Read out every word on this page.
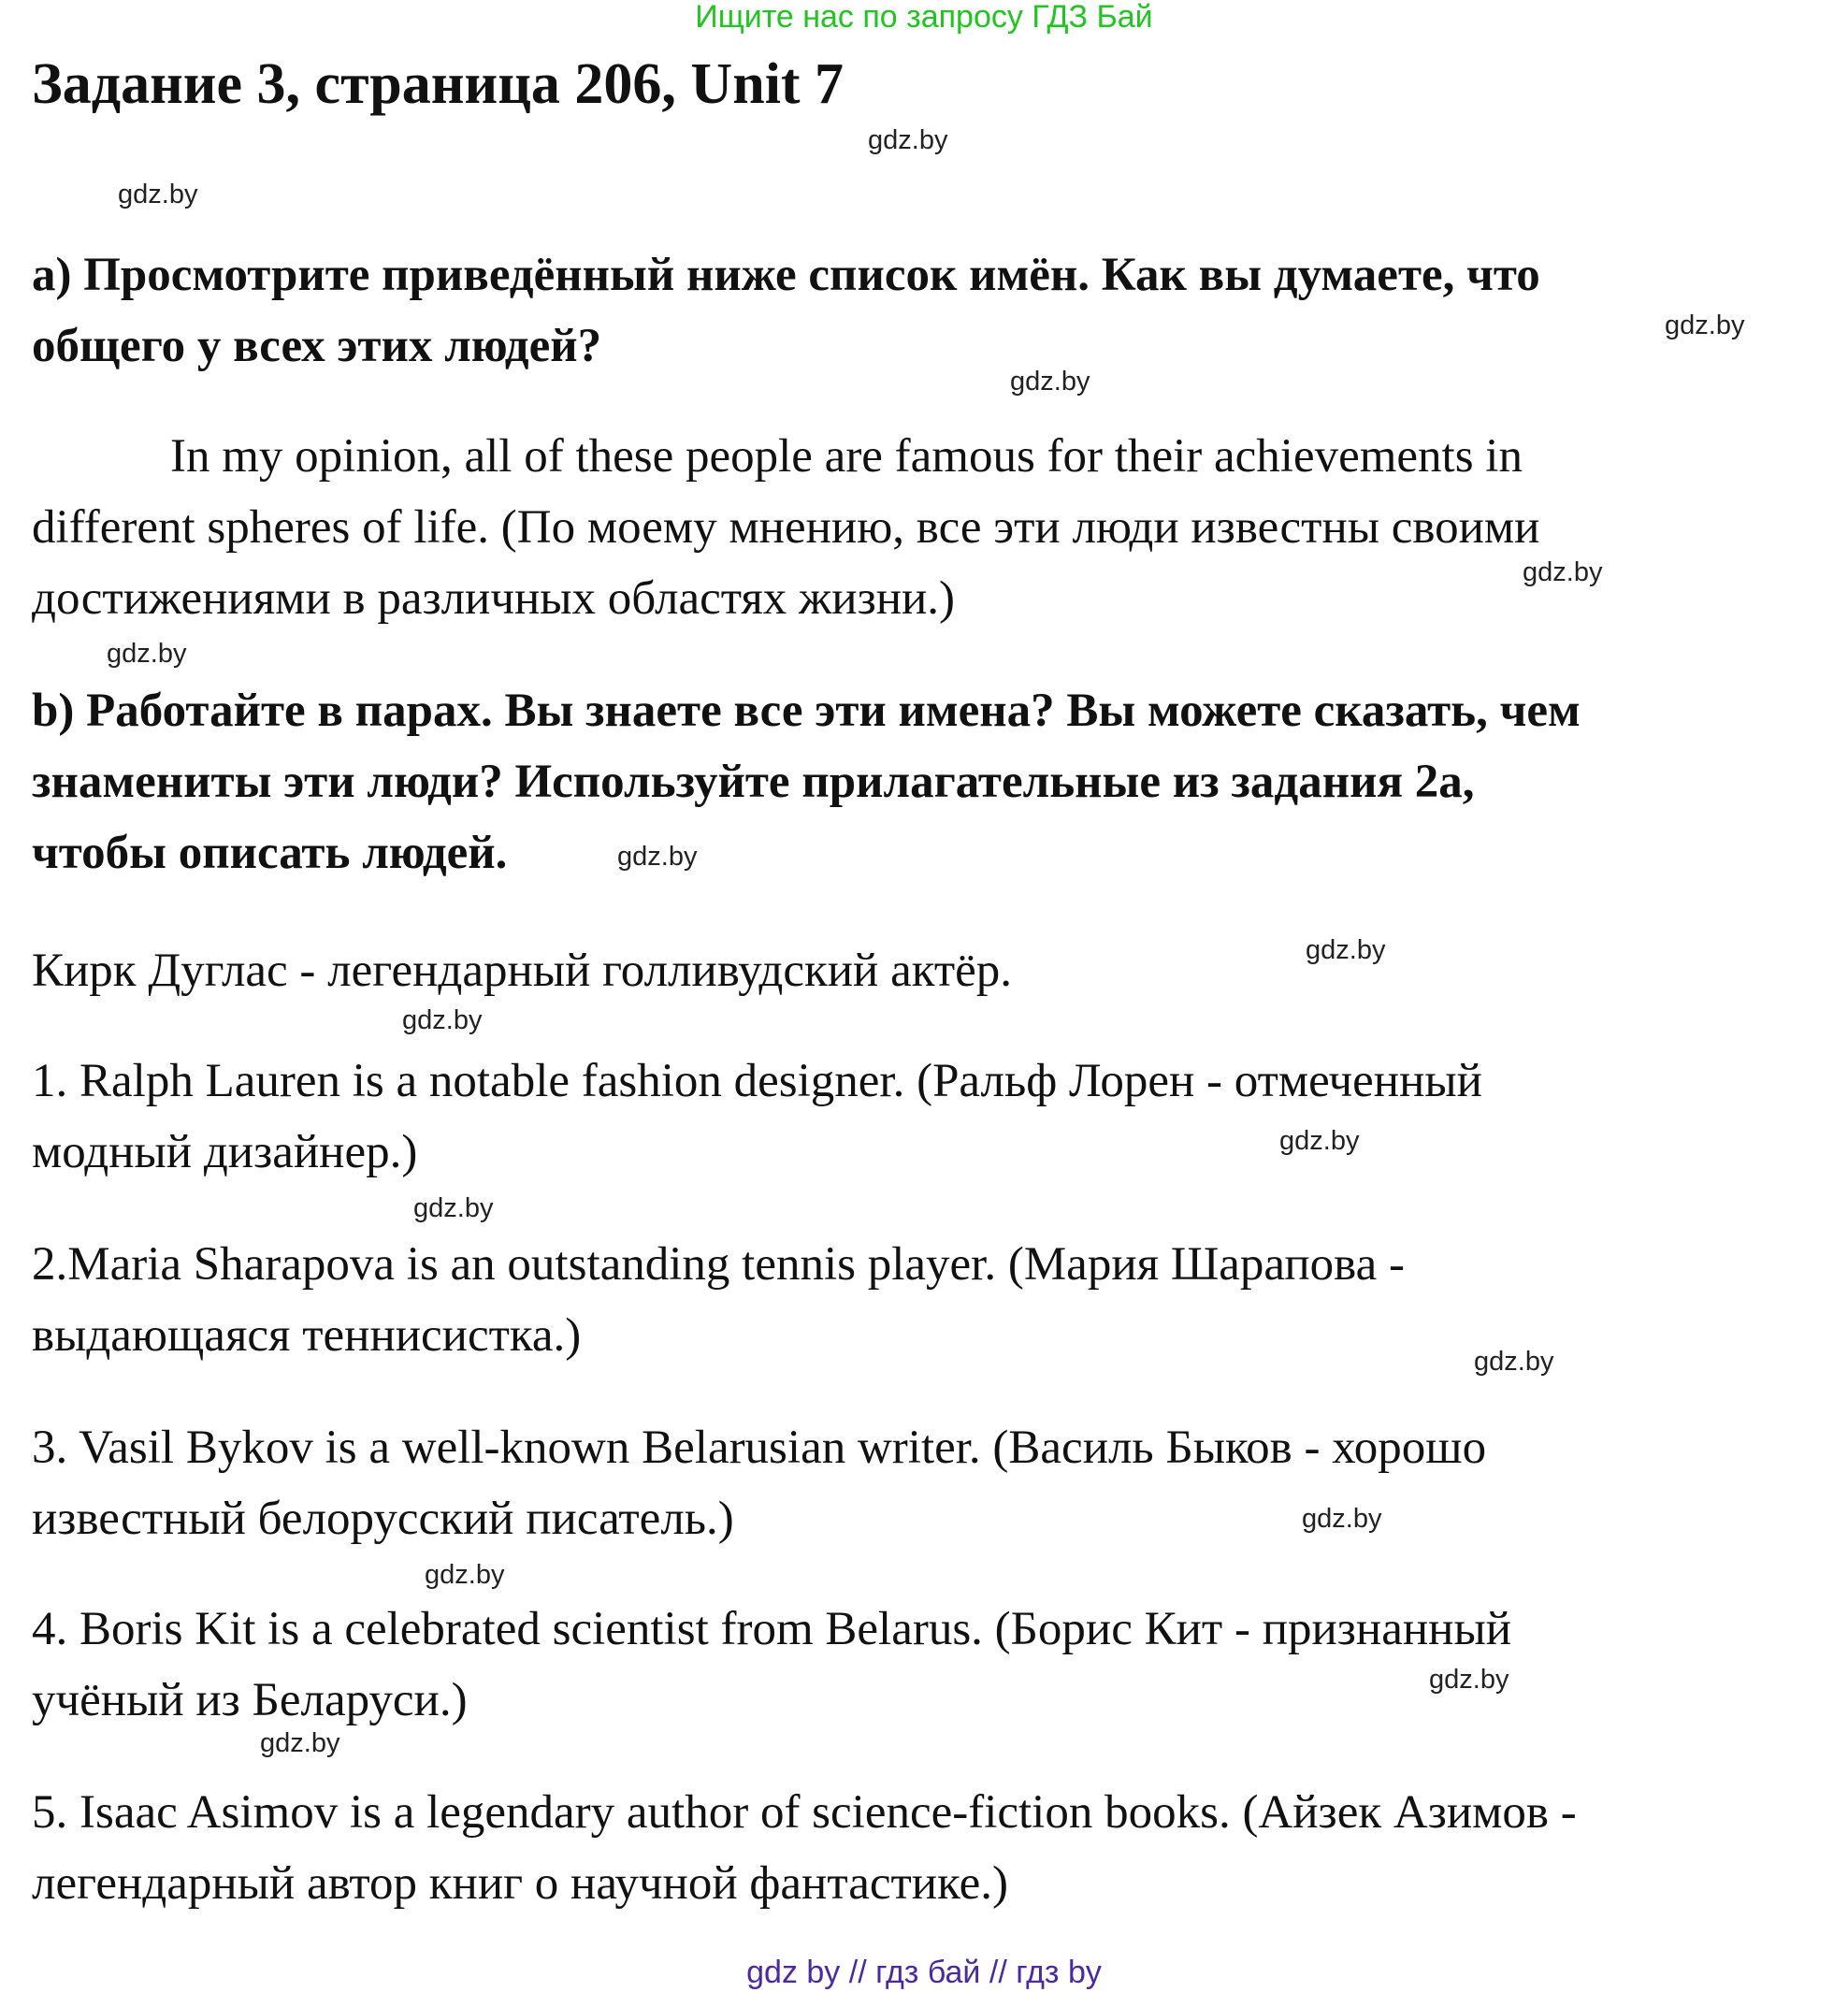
Ищите нас по запросу ГДЗ Бай
Задание 3, страница 206, Unit 7
gdz.by
gdz.by
gdz.by
gdz.by
gdz.by
gdz.by
gdz.by
gdz.by
gdz.by
gdz.by
gdz.by
gdz.by
gdz.by
gdz.by
gdz.by
gdz.by
а) Просмотрите приведённый ниже список имён. Как вы думаете, что
общего у всех этих людей?
In my opinion, all of these people are famous for their achievements in
different spheres of life. (По моему мнению, все эти люди известны своими
достижениями в различных областях жизни.)
b) Работайте в парах. Вы знаете все эти имена? Вы можете сказать, чем
знамениты эти люди? Используйте прилагательные из задания 2а,
чтобы описать людей.
Кирк Дуглас - легендарный голливудский актёр.
1. Ralph Lauren is a notable fashion designer. (Ральф Лорен - отмеченный
модный дизайнер.)
2.Maria Sharapova is an outstanding tennis player. (Мария Шарапова -
выдающаяся теннисистка.)
3. Vasil Bykov is a well-known Belarusian writer. (Василь Быков - хорошо
известный белорусский писатель.)
4. Boris Kit is a celebrated scientist from Belarus. (Борис Кит - признанный
учёный из Беларуси.)
5. Isaac Asimov is a legendary author of science-fiction books. (Айзек Азимов -
легендарный автор книг о научной фантастике.)
gdz by // гдз бай // гдз by
